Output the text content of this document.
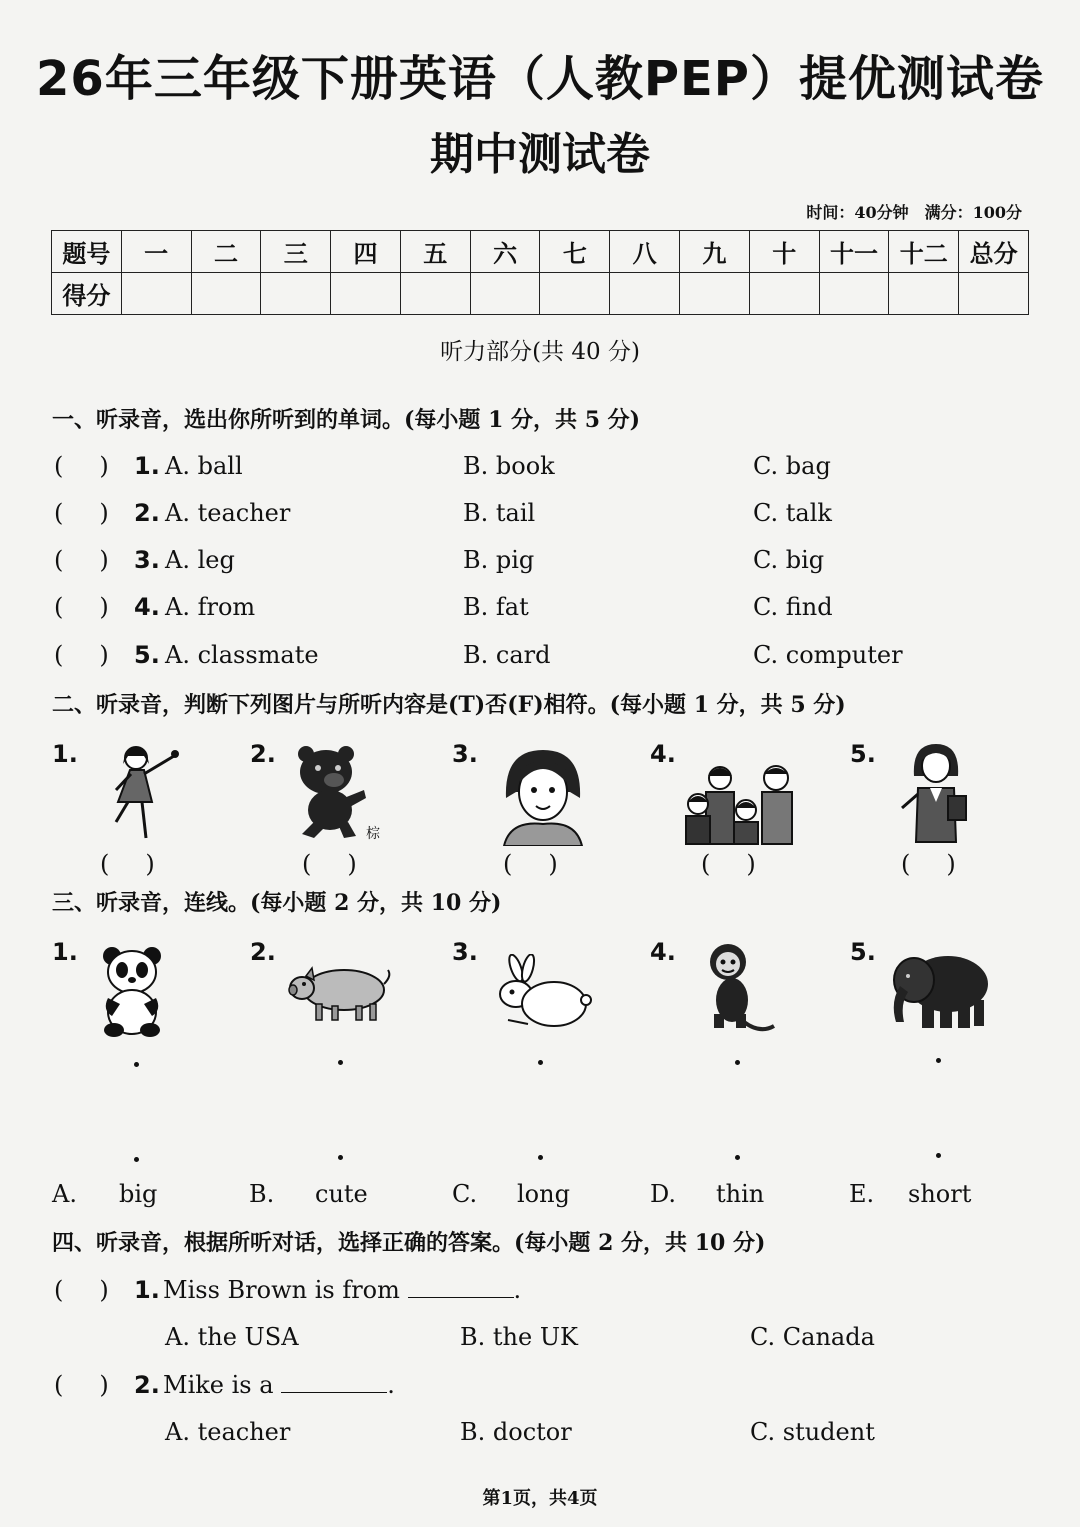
26年三年级下册英语（人教PEP）提优测试卷
期中测试卷
时间：40分钟　满分：100分
题号	一	二	三	四	五	六	七	八	九	十	十一	十二	总分
得分													
听力部分(共 40 分)
一、听录音，选出你所听到的单词。(每小题 1 分，共 5 分)
(  ) 1. A. ball	B. book	C. bag
(  ) 2. A. teacher	B. tail	C. talk
(  ) 3. A. leg	B. pig	C. big
(  ) 4. A. from	B. fat	C. find
(  ) 5. A. classmate	B. card	C. computer
二、听录音，判断下列图片与所听内容是(T)否(F)相符。(每小题 1 分，共 5 分)
1.	2.	3.	4.	5.
棕
(  )	(  )	(  )	(  )	(  )
三、听录音，连线。(每小题 2 分，共 10 分)
1.	2.	3.	4.	5.
A. big	B. cute	C. long	D. thin	E. short
四、听录音，根据所听对话，选择正确的答案。(每小题 2 分，共 10 分)
(  ) 1. Miss Brown is from	.
A. the USA	B. the UK	C. Canada
(  ) 2. Mike is a	.
A. teacher	B. doctor	C. student
第1页，共4页
